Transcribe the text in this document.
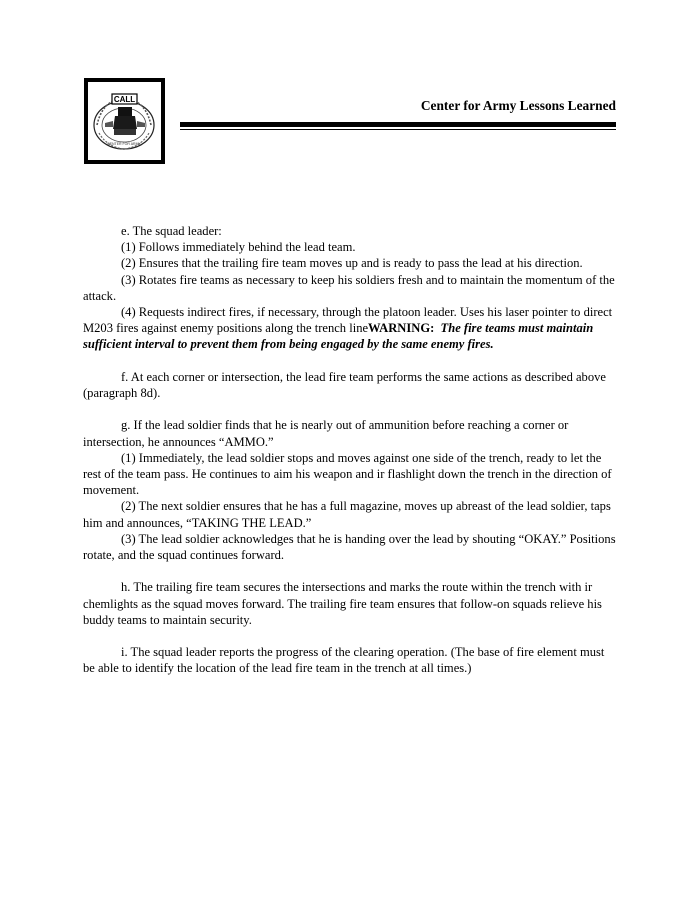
CALL
CENTER FOR ARMY
Center for Army Lessons Learned

e. The squad leader:

(1) Follows immediately behind the lead team.

(2) Ensures that the trailing fire team moves up and is ready to pass the lead at his direction.

(3) Rotates fire teams as necessary to keep his soldiers fresh and to maintain the momentum of the attack.

(4) Requests indirect fires, if necessary, through the platoon leader. Uses his laser pointer to direct M203 fires against enemy positions along the trench lineWARNING: The fire teams must maintain sufficient interval to prevent them from being engaged by the same enemy fires.

f. At each corner or intersection, the lead fire team performs the same actions as described above (paragraph 8d).

g. If the lead soldier finds that he is nearly out of ammunition before reaching a corner or intersection, he announces “AMMO.”

(1) Immediately, the lead soldier stops and moves against one side of the trench, ready to let the rest of the team pass. He continues to aim his weapon and ir flashlight down the trench in the direction of movement.

(2) The next soldier ensures that he has a full magazine, moves up abreast of the lead soldier, taps him and announces, “TAKING THE LEAD.”

(3) The lead soldier acknowledges that he is handing over the lead by shouting “OKAY.” Positions rotate, and the squad continues forward.

h. The trailing fire team secures the intersections and marks the route within the trench with ir chemlights as the squad moves forward. The trailing fire team ensures that follow-on squads relieve his buddy teams to maintain security.

i. The squad leader reports the progress of the clearing operation. (The base of fire element must be able to identify the location of the lead fire team in the trench at all times.)
